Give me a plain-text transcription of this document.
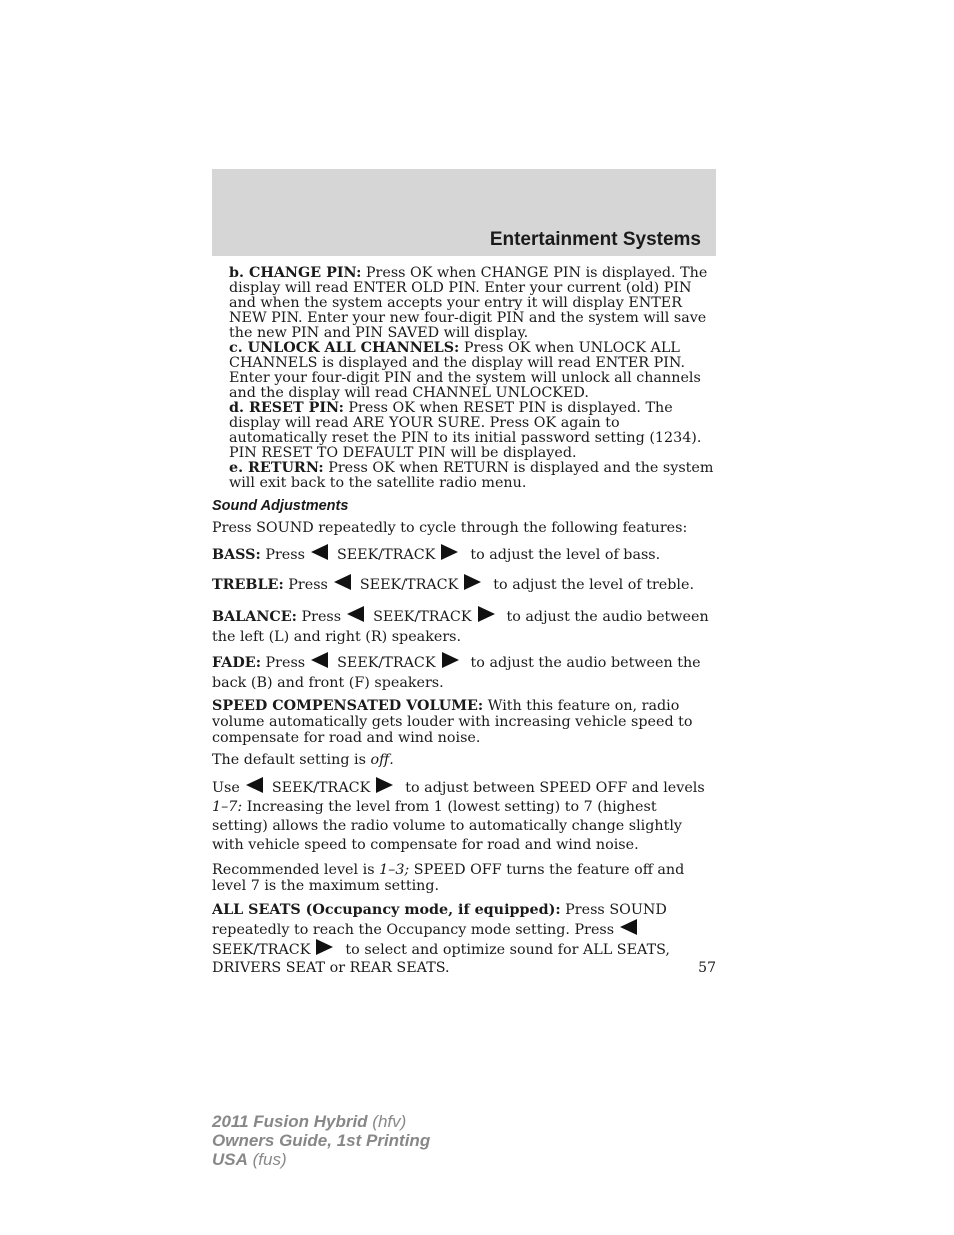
Entertainment Systems

b. CHANGE PIN: Press OK when CHANGE PIN is displayed. The display will read ENTER OLD PIN. Enter your current (old) PIN and when the system accepts your entry it will display ENTER NEW PIN. Enter your new four-digit PIN and the system will save the new PIN and PIN SAVED will display.

c. UNLOCK ALL CHANNELS: Press OK when UNLOCK ALL CHANNELS is displayed and the display will read ENTER PIN. Enter your four-digit PIN and the system will unlock all channels and the display will read CHANNEL UNLOCKED.

d. RESET PIN: Press OK when RESET PIN is displayed. The display will read ARE YOUR SURE. Press OK again to automatically reset the PIN to its initial password setting (1234). PIN RESET TO DEFAULT PIN will be displayed.

e. RETURN: Press OK when RETURN is displayed and the system will exit back to the satellite radio menu.

Sound Adjustments

Press SOUND repeatedly to cycle through the following features:

BASS: Press SEEK/TRACK to adjust the level of bass.

TREBLE: Press SEEK/TRACK to adjust the level of treble.

BALANCE: Press SEEK/TRACK to adjust the audio between
the left (L) and right (R) speakers.

FADE: Press SEEK/TRACK to adjust the audio between the
back (B) and front (F) speakers.

SPEED COMPENSATED VOLUME: With this feature on, radio volume automatically gets louder with increasing vehicle speed to compensate for road and wind noise.

The default setting is off.

Use SEEK/TRACK to adjust between SPEED OFF and levels
1–7: Increasing the level from 1 (lowest setting) to 7 (highest setting) allows the radio volume to automatically change slightly with vehicle speed to compensate for road and wind noise.

Recommended level is 1–3; SPEED OFF turns the feature off and level 7 is the maximum setting.

ALL SEATS (Occupancy mode, if equipped): Press SOUND repeatedly to reach the Occupancy mode setting. Press
SEEK/TRACK to select and optimize sound for ALL SEATS, DRIVERS SEAT or REAR SEATS.	57
2011 Fusion Hybrid (hfv)
Owners Guide, 1st Printing
USA (fus)
